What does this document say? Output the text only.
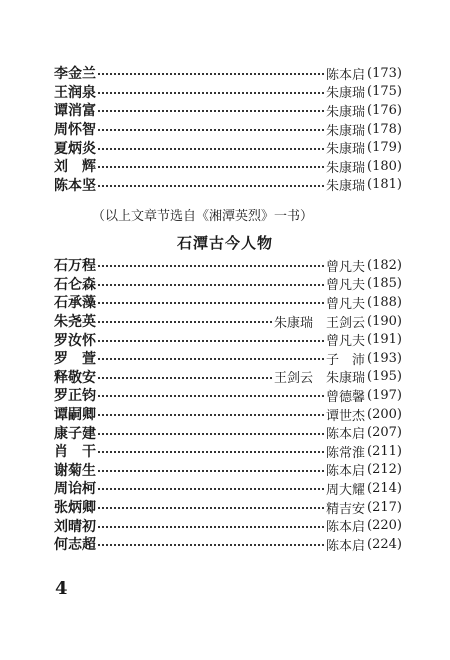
李金兰	陈本启 (173)
王润泉	朱康瑞 (175)
谭消富	朱康瑞 (176)
周怀智	朱康瑞 (178)
夏炳炎	朱康瑞 (179)
刘　辉	朱康瑞 (180)
陈本坚	朱康瑞 (181)
（以上文章节选自《湘潭英烈》一书）
石潭古今人物
石万程	曾凡夫 (182)
石仑森	曾凡夫 (185)
石承藻	曾凡夫 (188)
朱尧英	朱康瑞　王剑云 (190)
罗汝怀	曾凡夫 (191)
罗　萱	子　沛 (193)
释敬安	王剑云　朱康瑞 (195)
罗正钧	曾德馨 (197)
谭嗣卿	谭世杰 (200)
康子建	陈本启 (207)
肖　干	陈常淮 (211)
谢菊生	陈本启 (212)
周诒柯	周大耀 (214)
张炳卿	精吉安 (217)
刘晴初	陈本启 (220)
何志超	陈本启 (224)
4
